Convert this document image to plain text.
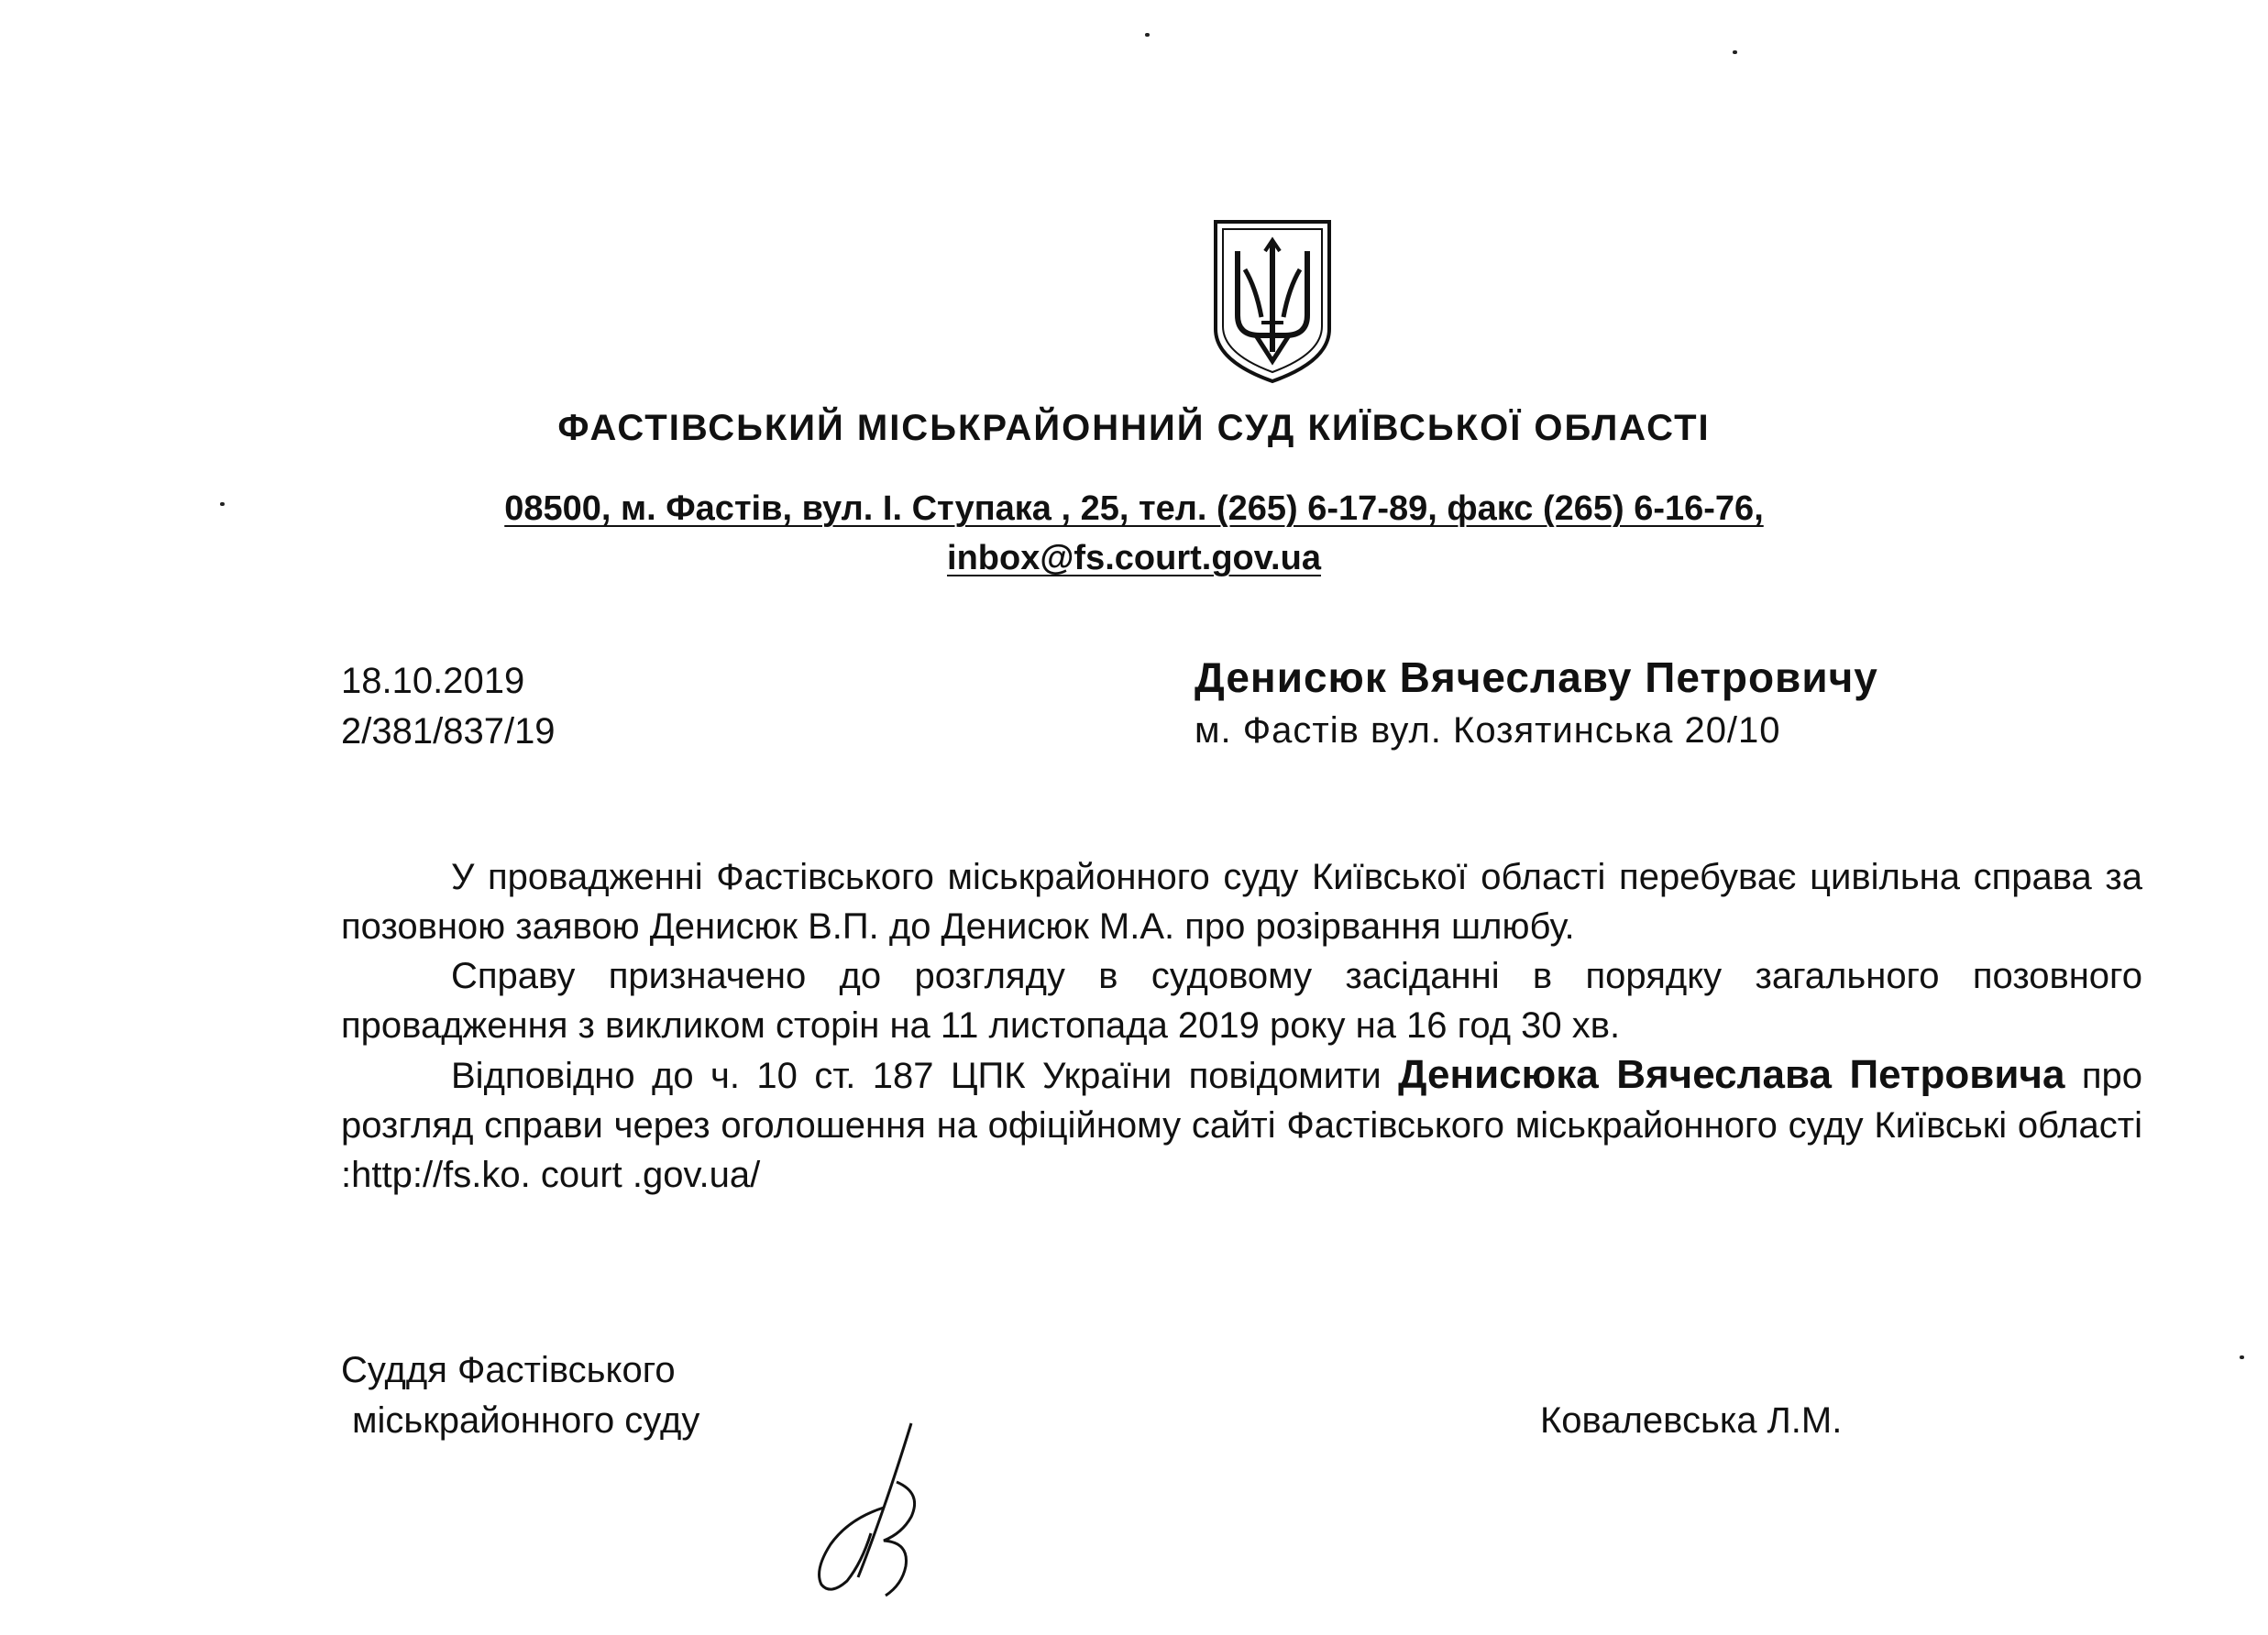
ФАСТІВСЬКИЙ МІСЬКРАЙОННИЙ СУД КИЇВСЬКОЇ ОБЛАСТІ
08500, м. Фастів, вул. І. Ступака , 25, тел. (265) 6-17-89, факс (265) 6-16-76,
inbox@fs.court.gov.ua
18.10.2019
2/381/837/19
Денисюк Вячеславу Петровичу
м. Фастів вул. Козятинська 20/10

У провадженні Фастівського міськрайонного суду Київської області перебуває цивільна справа за позовною заявою Денисюк В.П. до Денисюк М.А. про розірвання шлюбу.

Справу призначено до розгляду в судовому засіданні в порядку загального позовного провадження з викликом сторін на 11 листопада 2019 року на 16 год 30 хв.

Відповідно до ч. 10 ст. 187 ЦПК України повідомити Денисюка Вячеслава Петровича про розгляд справи через оголошення на офіційному сайті Фастівського міськрайонного суду Київські області :http://fs.ko. court .gov.ua/

Суддя Фастівського
міськрайонного суду	Ковалевська Л.М.
